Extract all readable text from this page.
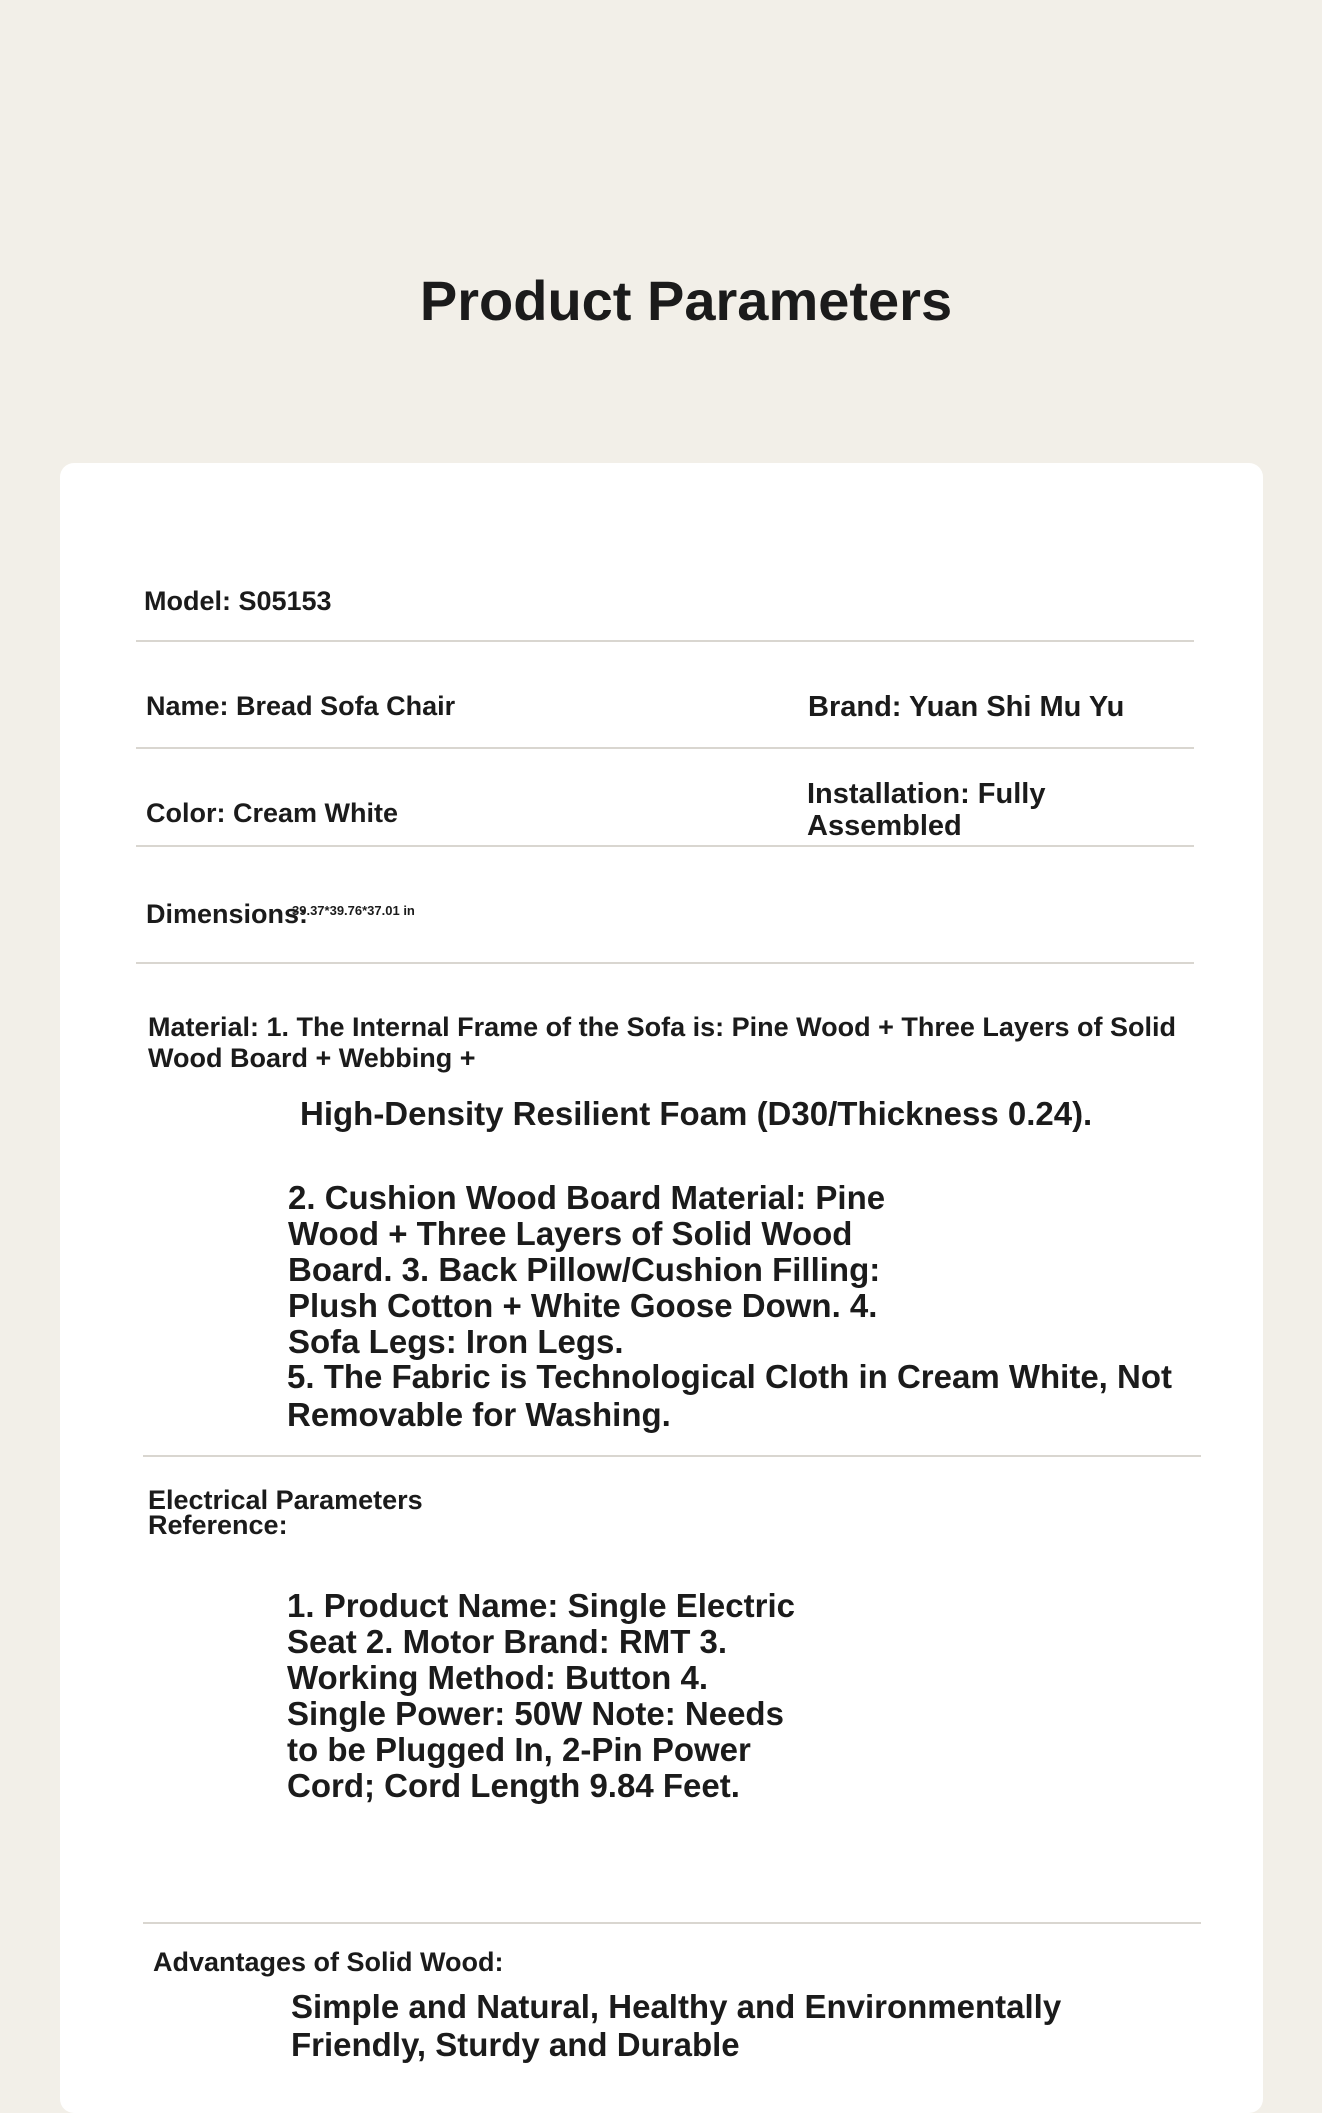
Product Parameters

Model: S05153

Name: Bread Sofa Chair	Brand: Yuan Shi Mu Yu

Color: Cream White

Installation: Fully Assembled

Dimensions:

39.37*39.76*37.01 in

Material: 1. The Internal Frame of the Sofa is: Pine Wood + Three Layers of Solid Wood Board + Webbing +

High-Density Resilient Foam (D30/Thickness 0.24).

2. Cushion Wood Board Material: Pine Wood + Three Layers of Solid Wood Board. 3. Back Pillow/Cushion Filling: Plush Cotton + White Goose Down. 4. Sofa Legs: Iron Legs.

5. The Fabric is Technological Cloth in Cream White, Not Removable for Washing.

Electrical Parameters Reference:

1. Product Name: Single Electric Seat 2. Motor Brand: RMT 3. Working Method: Button 4. Single Power: 50W Note: Needs to be Plugged In, 2-Pin Power Cord; Cord Length 9.84 Feet.

Advantages of Solid Wood:

Simple and Natural, Healthy and Environmentally Friendly, Sturdy and Durable
